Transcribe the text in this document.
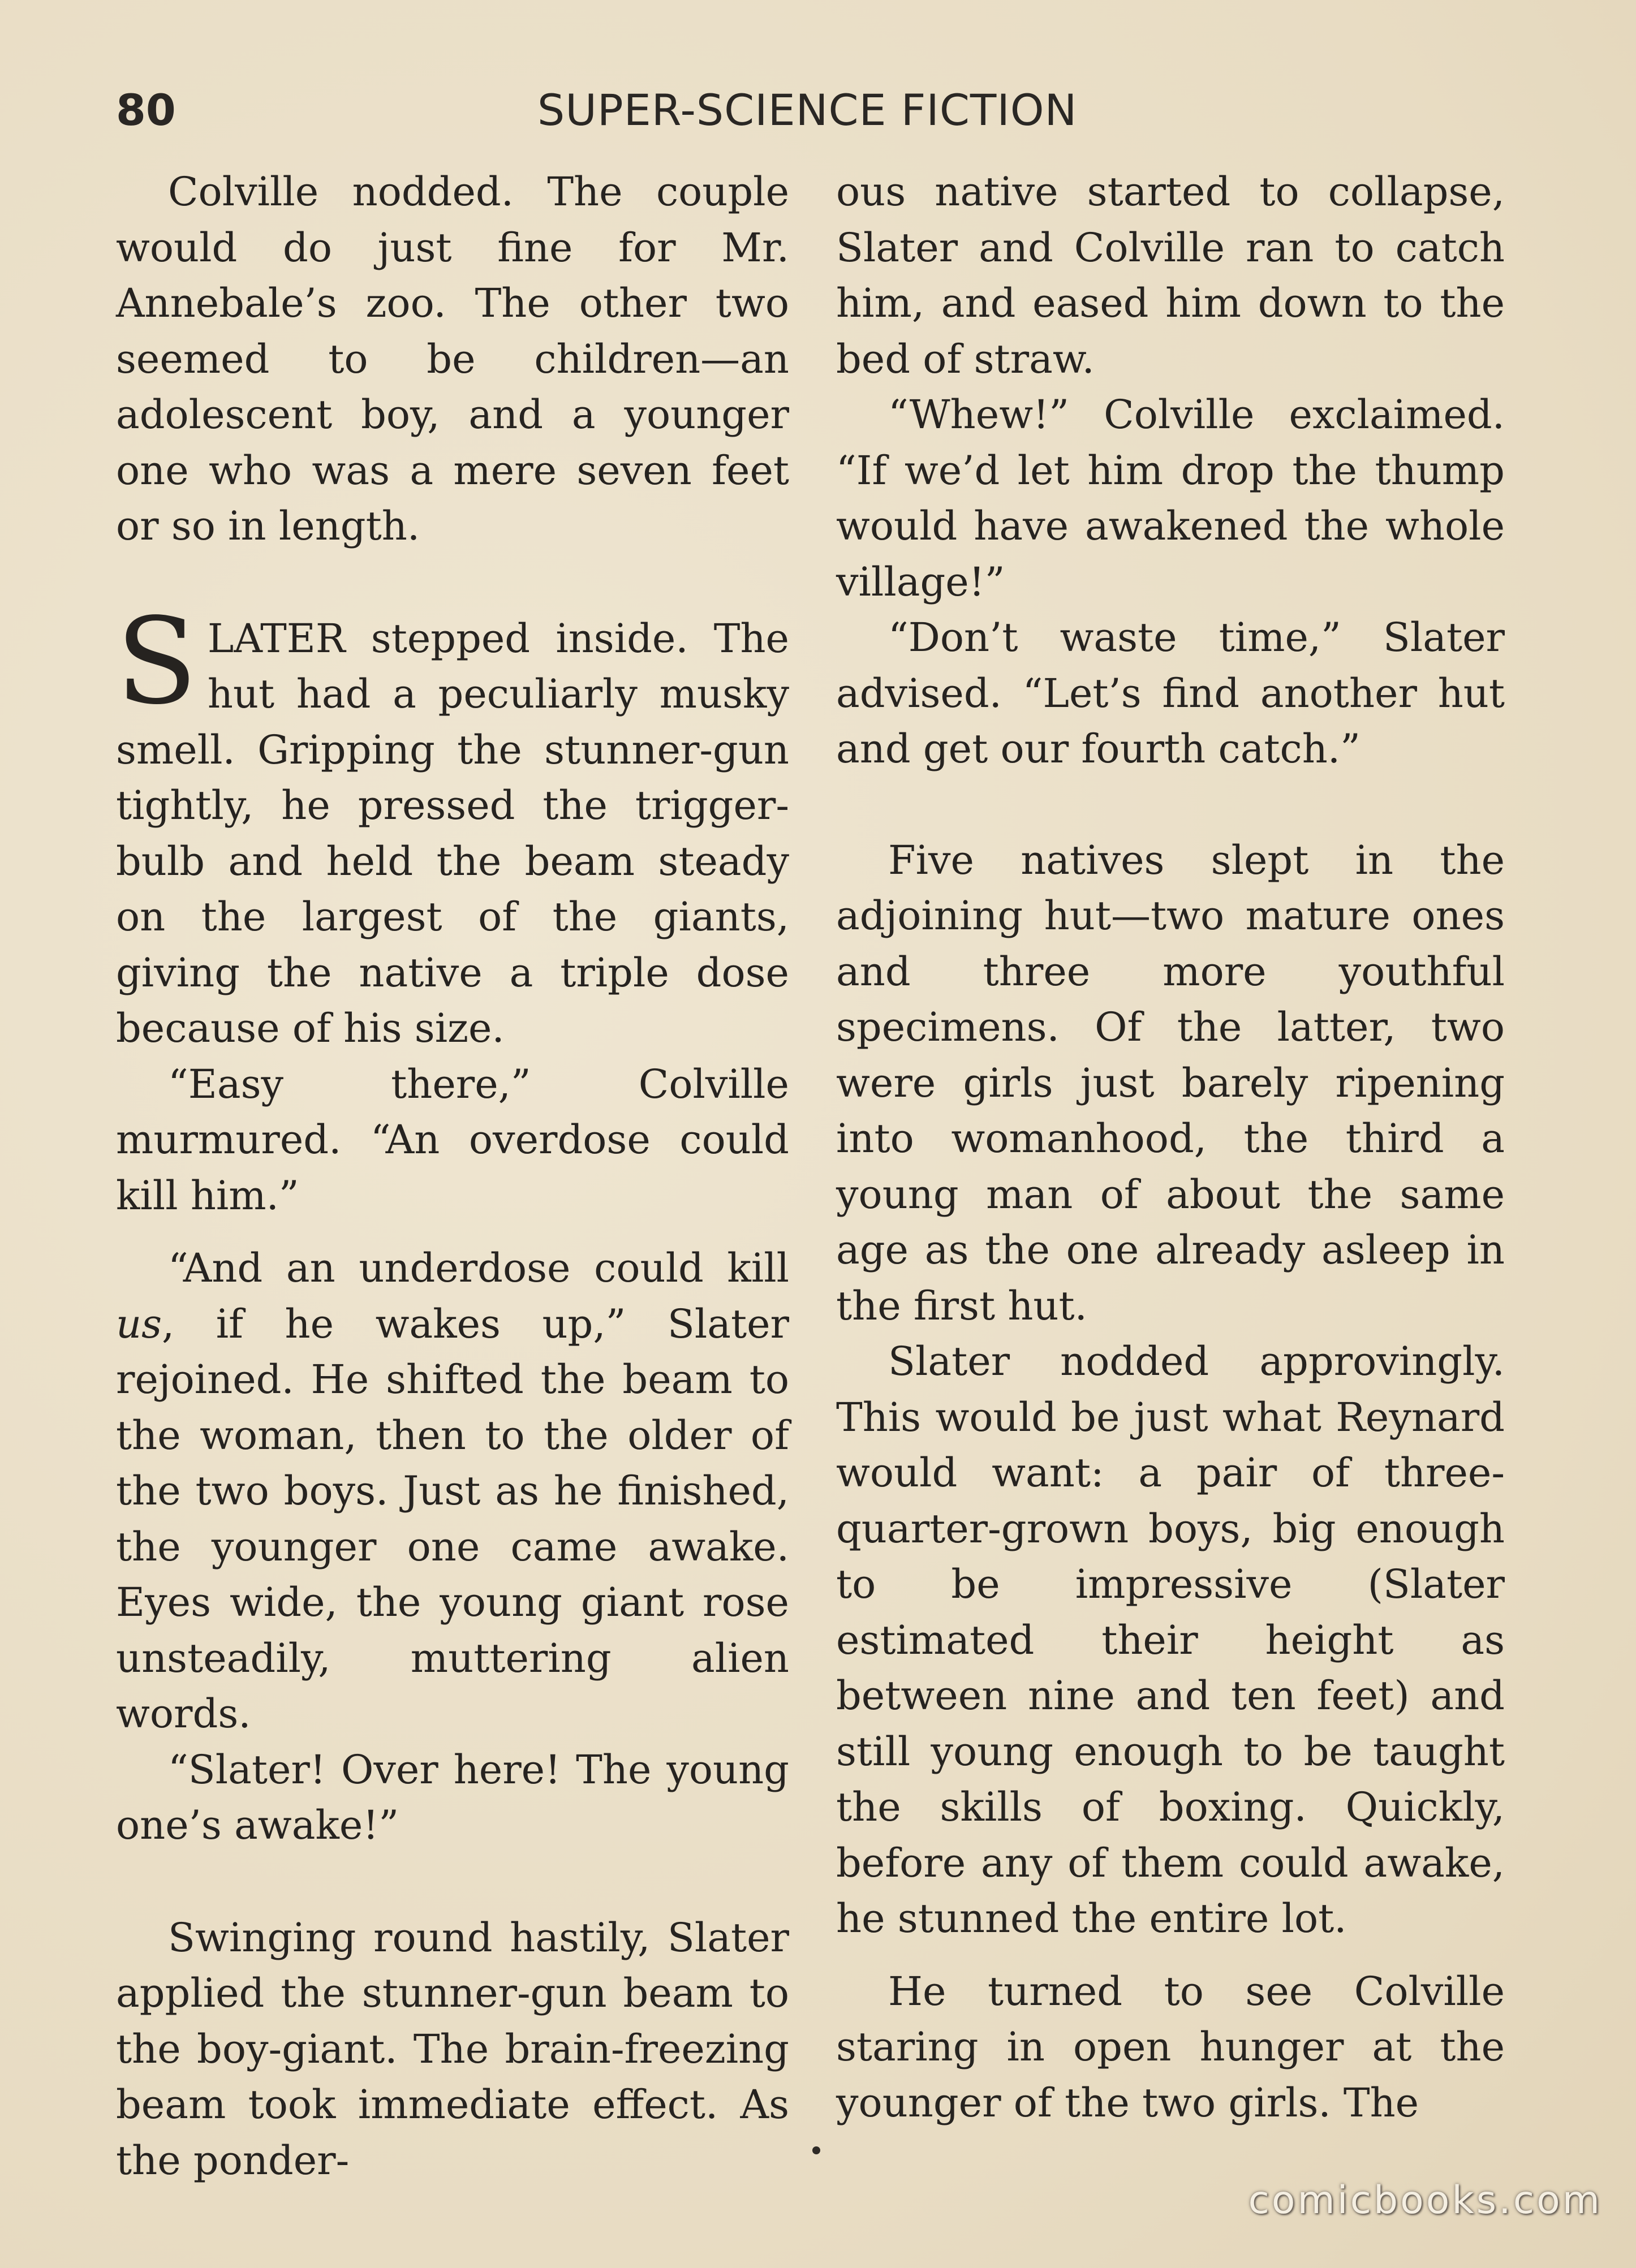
80	SUPER-SCIENCE FICTION

Colville nodded. The couple would do just fine for Mr. Annebale’s zoo. The other two seemed to be children—an adolescent boy, and a younger one who was a mere seven feet or so in length.

SLATER stepped inside. The hut had a peculiarly musky smell. Gripping the stunner-gun tightly, he pressed the trigger-bulb and held the beam steady on the largest of the giants, giving the native a triple dose because of his size.

“Easy there,” Colville murmured. “An overdose could kill him.”

“And an underdose could kill us, if he wakes up,” Slater rejoined. He shifted the beam to the woman, then to the older of the two boys. Just as he finished, the younger one came awake. Eyes wide, the young giant rose unsteadily, muttering alien words.

“Slater! Over here! The young one’s awake!”

Swinging round hastily, Slater applied the stunner-gun beam to the boy-giant. The brain-freezing beam took immediate effect. As the ponder-

ous native started to collapse, Slater and Colville ran to catch him, and eased him down to the bed of straw.

“Whew!” Colville exclaimed. “If we’d let him drop the thump would have awakened the whole village!”

“Don’t waste time,” Slater advised. “Let’s find another hut and get our fourth catch.”

Five natives slept in the adjoining hut—two mature ones and three more youthful specimens. Of the latter, two were girls just barely ripening into womanhood, the third a young man of about the same age as the one already asleep in the first hut.

Slater nodded approvingly. This would be just what Reynard would want: a pair of three-quarter-grown boys, big enough to be impressive (Slater estimated their height as between nine and ten feet) and still young enough to be taught the skills of boxing. Quickly, before any of them could awake, he stunned the entire lot.

He turned to see Colville staring in open hunger at the younger of the two girls. The

comicbooks.com
